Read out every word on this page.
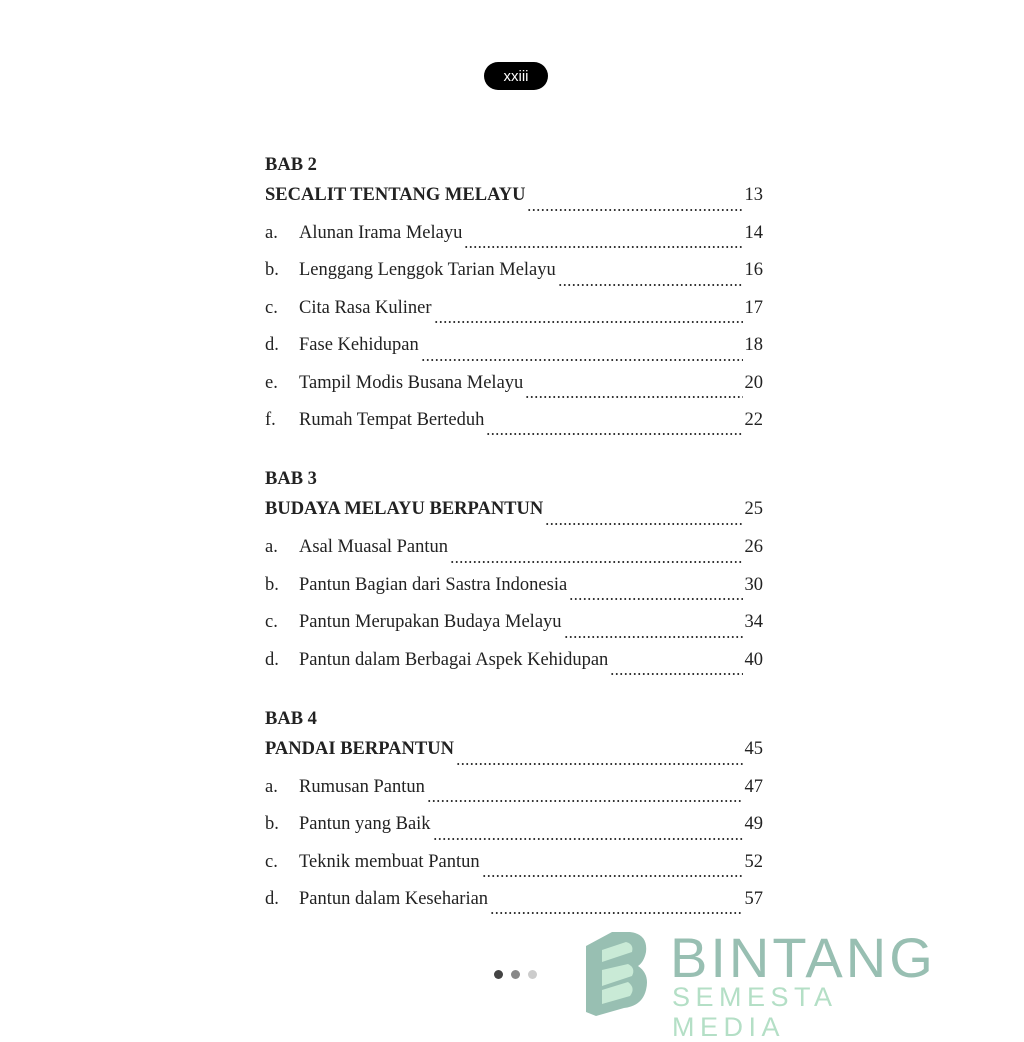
xxiii
BAB 2
SECALIT TENTANG MELAYU	13
a.	Alunan Irama Melayu	14
b.	Lenggang Lenggok Tarian Melayu	16
c.	Cita Rasa Kuliner	17
d.	Fase Kehidupan	18
e.	Tampil Modis Busana Melayu	20
f.	Rumah Tempat Berteduh	22
BAB 3
BUDAYA MELAYU BERPANTUN	25
a.	Asal Muasal Pantun	26
b.	Pantun Bagian dari Sastra Indonesia	30
c.	Pantun Merupakan Budaya Melayu	34
d.	Pantun dalam Berbagai Aspek Kehidupan	40
BAB 4
PANDAI BERPANTUN	45
a.	Rumusan Pantun	47
b.	Pantun yang Baik	49
c.	Teknik membuat Pantun	52
d.	Pantun dalam Keseharian	57
BINTANG
SEMESTA MEDIA
